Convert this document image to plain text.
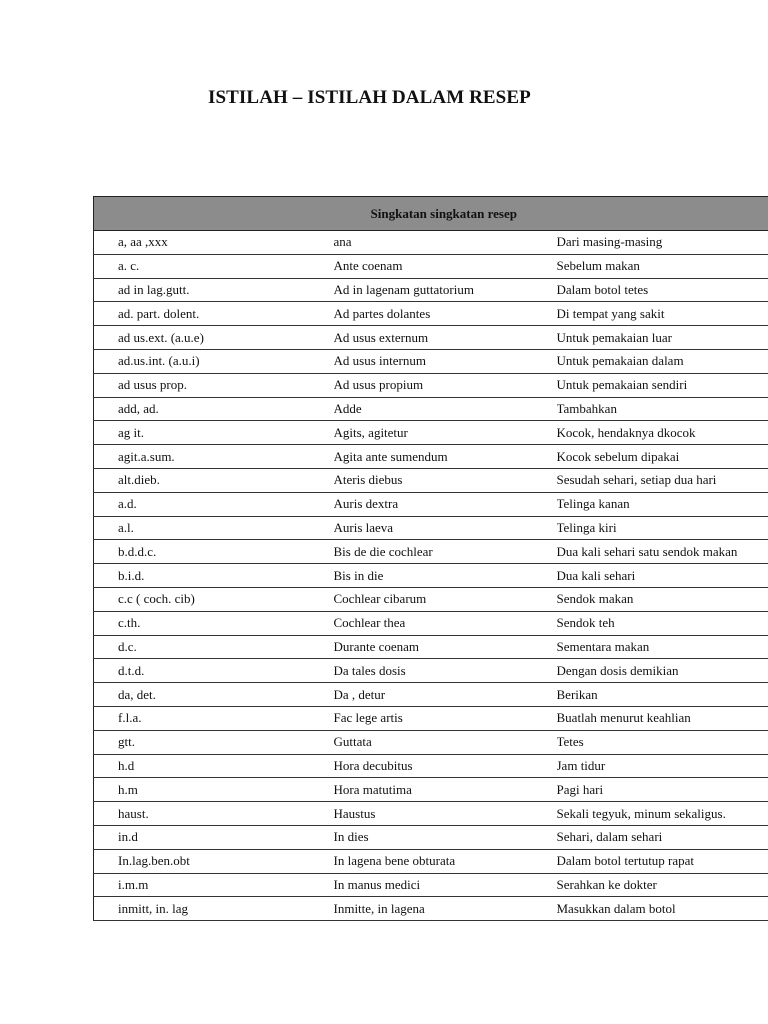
ISTILAH – ISTILAH DALAM RESEP
Singkatan singkatan resep		
a, aa ,xxx	ana	Dari masing-masing
a. c.	Ante coenam	Sebelum makan
ad in lag.gutt.	Ad in lagenam guttatorium	Dalam botol tetes
ad. part. dolent.	Ad partes dolantes	Di tempat yang sakit
ad us.ext. (a.u.e)	Ad usus externum	Untuk pemakaian luar
ad.us.int. (a.u.i)	Ad usus internum	Untuk pemakaian dalam
ad usus prop.	Ad usus propium	Untuk pemakaian sendiri
add, ad.	Adde	Tambahkan
ag it.	Agits, agitetur	Kocok, hendaknya dkocok
agit.a.sum.	Agita ante sumendum	Kocok sebelum dipakai
alt.dieb.	Ateris diebus	Sesudah sehari, setiap dua hari
a.d.	Auris dextra	Telinga kanan
a.l.	Auris laeva	Telinga kiri
b.d.d.c.	Bis de die cochlear	Dua kali sehari satu sendok makan
b.i.d.	Bis in die	Dua kali sehari
c.c ( coch. cib)	Cochlear cibarum	Sendok makan
c.th.	Cochlear thea	Sendok teh
d.c.	Durante coenam	Sementara makan
d.t.d.	Da tales dosis	Dengan dosis demikian
da, det.	Da , detur	Berikan
f.l.a.	Fac lege artis	Buatlah menurut keahlian
gtt.	Guttata	Tetes
h.d	Hora decubitus	Jam tidur
h.m	Hora matutima	Pagi hari
haust.	Haustus	Sekali tegyuk, minum sekaligus.
in.d	In dies	Sehari, dalam sehari
In.lag.ben.obt	In lagena bene obturata	Dalam botol tertutup rapat
i.m.m	In manus medici	Serahkan ke dokter
inmitt, in. lag	Inmitte, in lagena	Masukkan dalam botol
